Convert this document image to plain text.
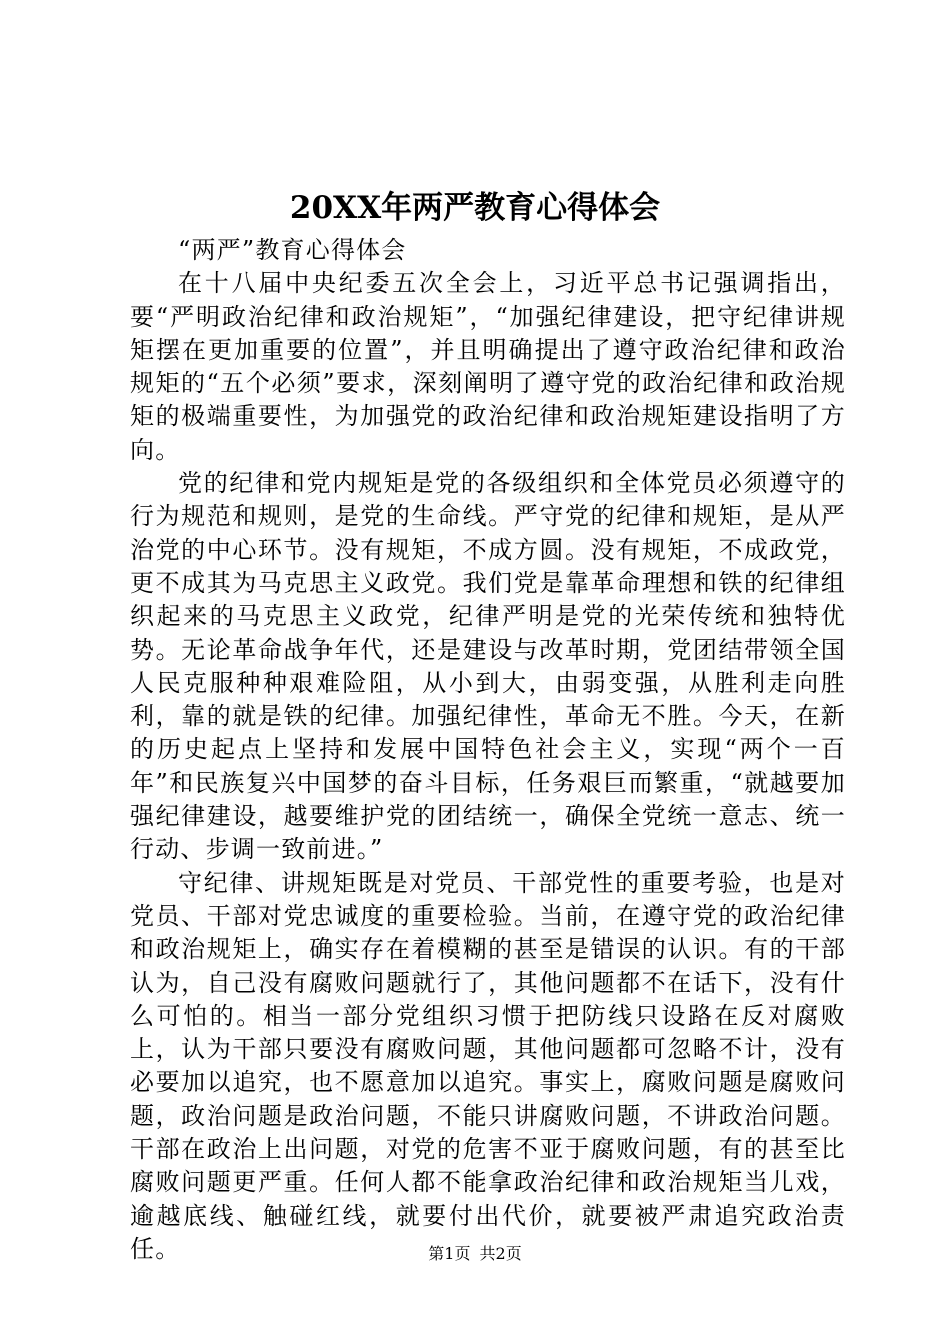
20XX年两严教育心得体会

“两严”教育心得体会

在十八届中央纪委五次全会上，习近平总书记强调指出，要“严明政治纪律和政治规矩”，“加强纪律建设，把守纪律讲规矩摆在更加重要的位置”，并且明确提出了遵守政治纪律和政治规矩的“五个必须”要求，深刻阐明了遵守党的政治纪律和政治规矩的极端重要性，为加强党的政治纪律和政治规矩建设指明了方向。

党的纪律和党内规矩是党的各级组织和全体党员必须遵守的行为规范和规则，是党的生命线。严守党的纪律和规矩，是从严治党的中心环节。没有规矩，不成方圆。没有规矩，不成政党，更不成其为马克思主义政党。我们党是靠革命理想和铁的纪律组织起来的马克思主义政党，纪律严明是党的光荣传统和独特优势。无论革命战争年代，还是建设与改革时期，党团结带领全国人民克服种种艰难险阻，从小到大，由弱变强，从胜利走向胜利，靠的就是铁的纪律。加强纪律性，革命无不胜。今天，在新的历史起点上坚持和发展中国特色社会主义，实现“两个一百年”和民族复兴中国梦的奋斗目标，任务艰巨而繁重，“就越要加强纪律建设，越要维护党的团结统一，确保全党统一意志、统一行动、步调一致前进。”

守纪律、讲规矩既是对党员、干部党性的重要考验，也是对党员、干部对党忠诚度的重要检验。当前，在遵守党的政治纪律和政治规矩上，确实存在着模糊的甚至是错误的认识。有的干部认为，自己没有腐败问题就行了，其他问题都不在话下，没有什么可怕的。相当一部分党组织习惯于把防线只设路在反对腐败上，认为干部只要没有腐败问题，其他问题都可忽略不计，没有必要加以追究，也不愿意加以追究。事实上，腐败问题是腐败问题，政治问题是政治问题，不能只讲腐败问题，不讲政治问题。干部在政治上出问题，对党的危害不亚于腐败问题，有的甚至比腐败问题更严重。任何人都不能拿政治纪律和政治规矩当儿戏，逾越底线、触碰红线，就要付出代价，就要被严肃追究政治责任。	第1页 共2页
